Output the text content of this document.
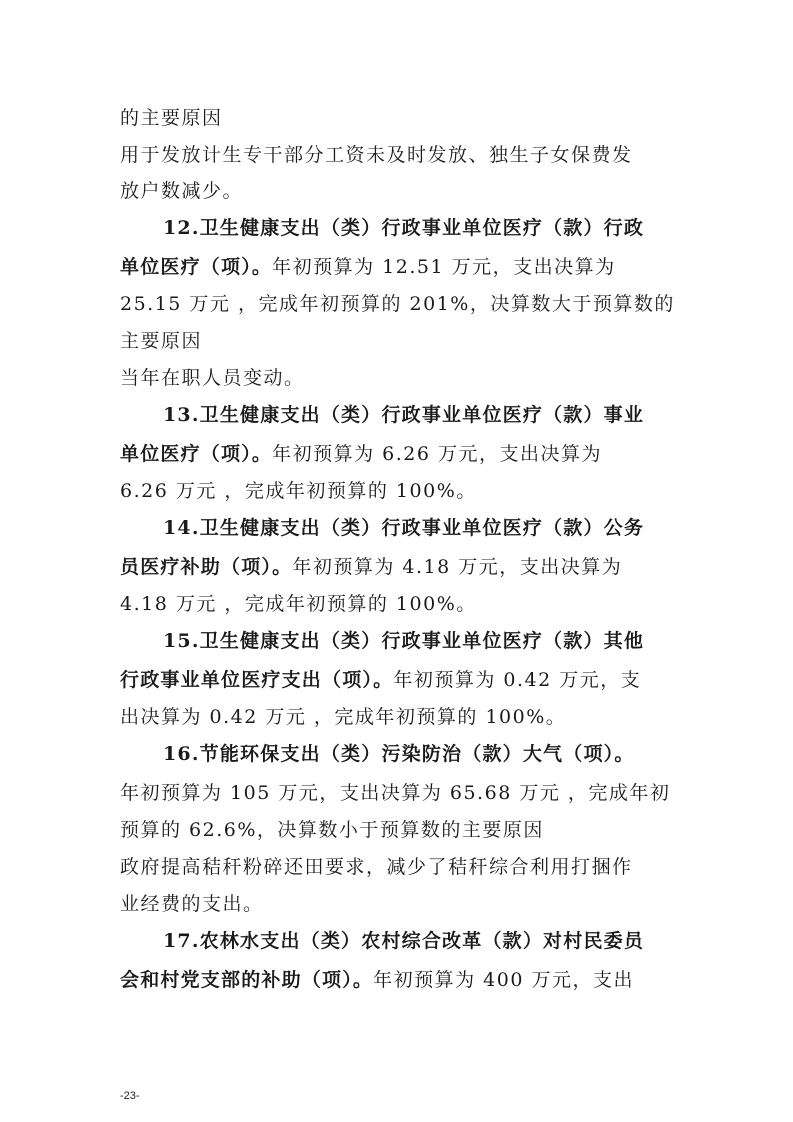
的主要原因
用于发放计生专干部分工资未及时发放、独生子女保费发
放户数减少。
12.卫生健康支出（类）行政事业单位医疗（款）行政
单位医疗（项）。年初预算为 12.51 万元，支出决算为
25.15 万元 ，完成年初预算的 201%，决算数大于预算数的
主要原因
当年在职人员变动。
13.卫生健康支出（类）行政事业单位医疗（款）事业
单位医疗（项）。年初预算为 6.26 万元，支出决算为
6.26 万元 ，完成年初预算的 100%。
14.卫生健康支出（类）行政事业单位医疗（款）公务
员医疗补助（项）。年初预算为 4.18 万元，支出决算为
4.18 万元 ，完成年初预算的 100%。
15.卫生健康支出（类）行政事业单位医疗（款）其他
行政事业单位医疗支出（项）。年初预算为 0.42 万元，支
出决算为 0.42 万元 ，完成年初预算的 100%。
16.节能环保支出（类）污染防治（款）大气（项）。
年初预算为 105 万元，支出决算为 65.68 万元 ，完成年初
预算的 62.6%，决算数小于预算数的主要原因
政府提高秸秆粉碎还田要求，减少了秸秆综合利用打捆作
业经费的支出。
17.农林水支出（类）农村综合改革（款）对村民委员
会和村党支部的补助（项）。年初预算为 400 万元，支出
-23-
